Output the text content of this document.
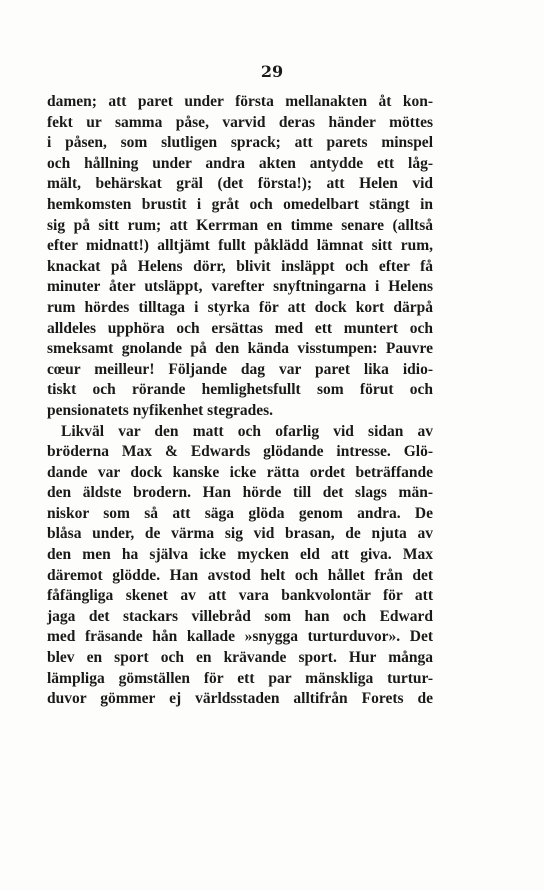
29
damen; att paret under första mellanakten åt kon-
fekt ur samma påse, varvid deras händer möttes
i påsen, som slutligen sprack; att parets minspel
och hållning under andra akten antydde ett låg-
mält, behärskat gräl (det första!); att Helen vid
hemkomsten brustit i gråt och omedelbart stängt in
sig på sitt rum; att Kerrman en timme senare (alltså
efter midnatt!) alltjämt fullt påklädd lämnat sitt rum,
knackat på Helens dörr, blivit insläppt och efter få
minuter åter utsläppt, varefter snyftningarna i Helens
rum hördes tilltaga i styrka för att dock kort därpå
alldeles upphöra och ersättas med ett muntert och
smeksamt gnolande på den kända visstumpen: Pauvre
cœur meilleur! Följande dag var paret lika idio-
tiskt och rörande hemlighetsfullt som förut och
pensionatets nyfikenhet stegrades.
Likväl var den matt och ofarlig vid sidan av
bröderna Max & Edwards glödande intresse. Glö-
dande var dock kanske icke rätta ordet beträffande
den äldste brodern. Han hörde till det slags män-
niskor som så att säga glöda genom andra. De
blåsa under, de värma sig vid brasan, de njuta av
den men ha själva icke mycken eld att giva. Max
däremot glödde. Han avstod helt och hållet från det
fåfängliga skenet av att vara bankvolontär för att
jaga det stackars villebråd som han och Edward
med fräsande hån kallade »snygga turturduvor». Det
blev en sport och en krävande sport. Hur många
lämpliga gömställen för ett par mänskliga turtur-
duvor gömmer ej världsstaden alltifrån Forets de
